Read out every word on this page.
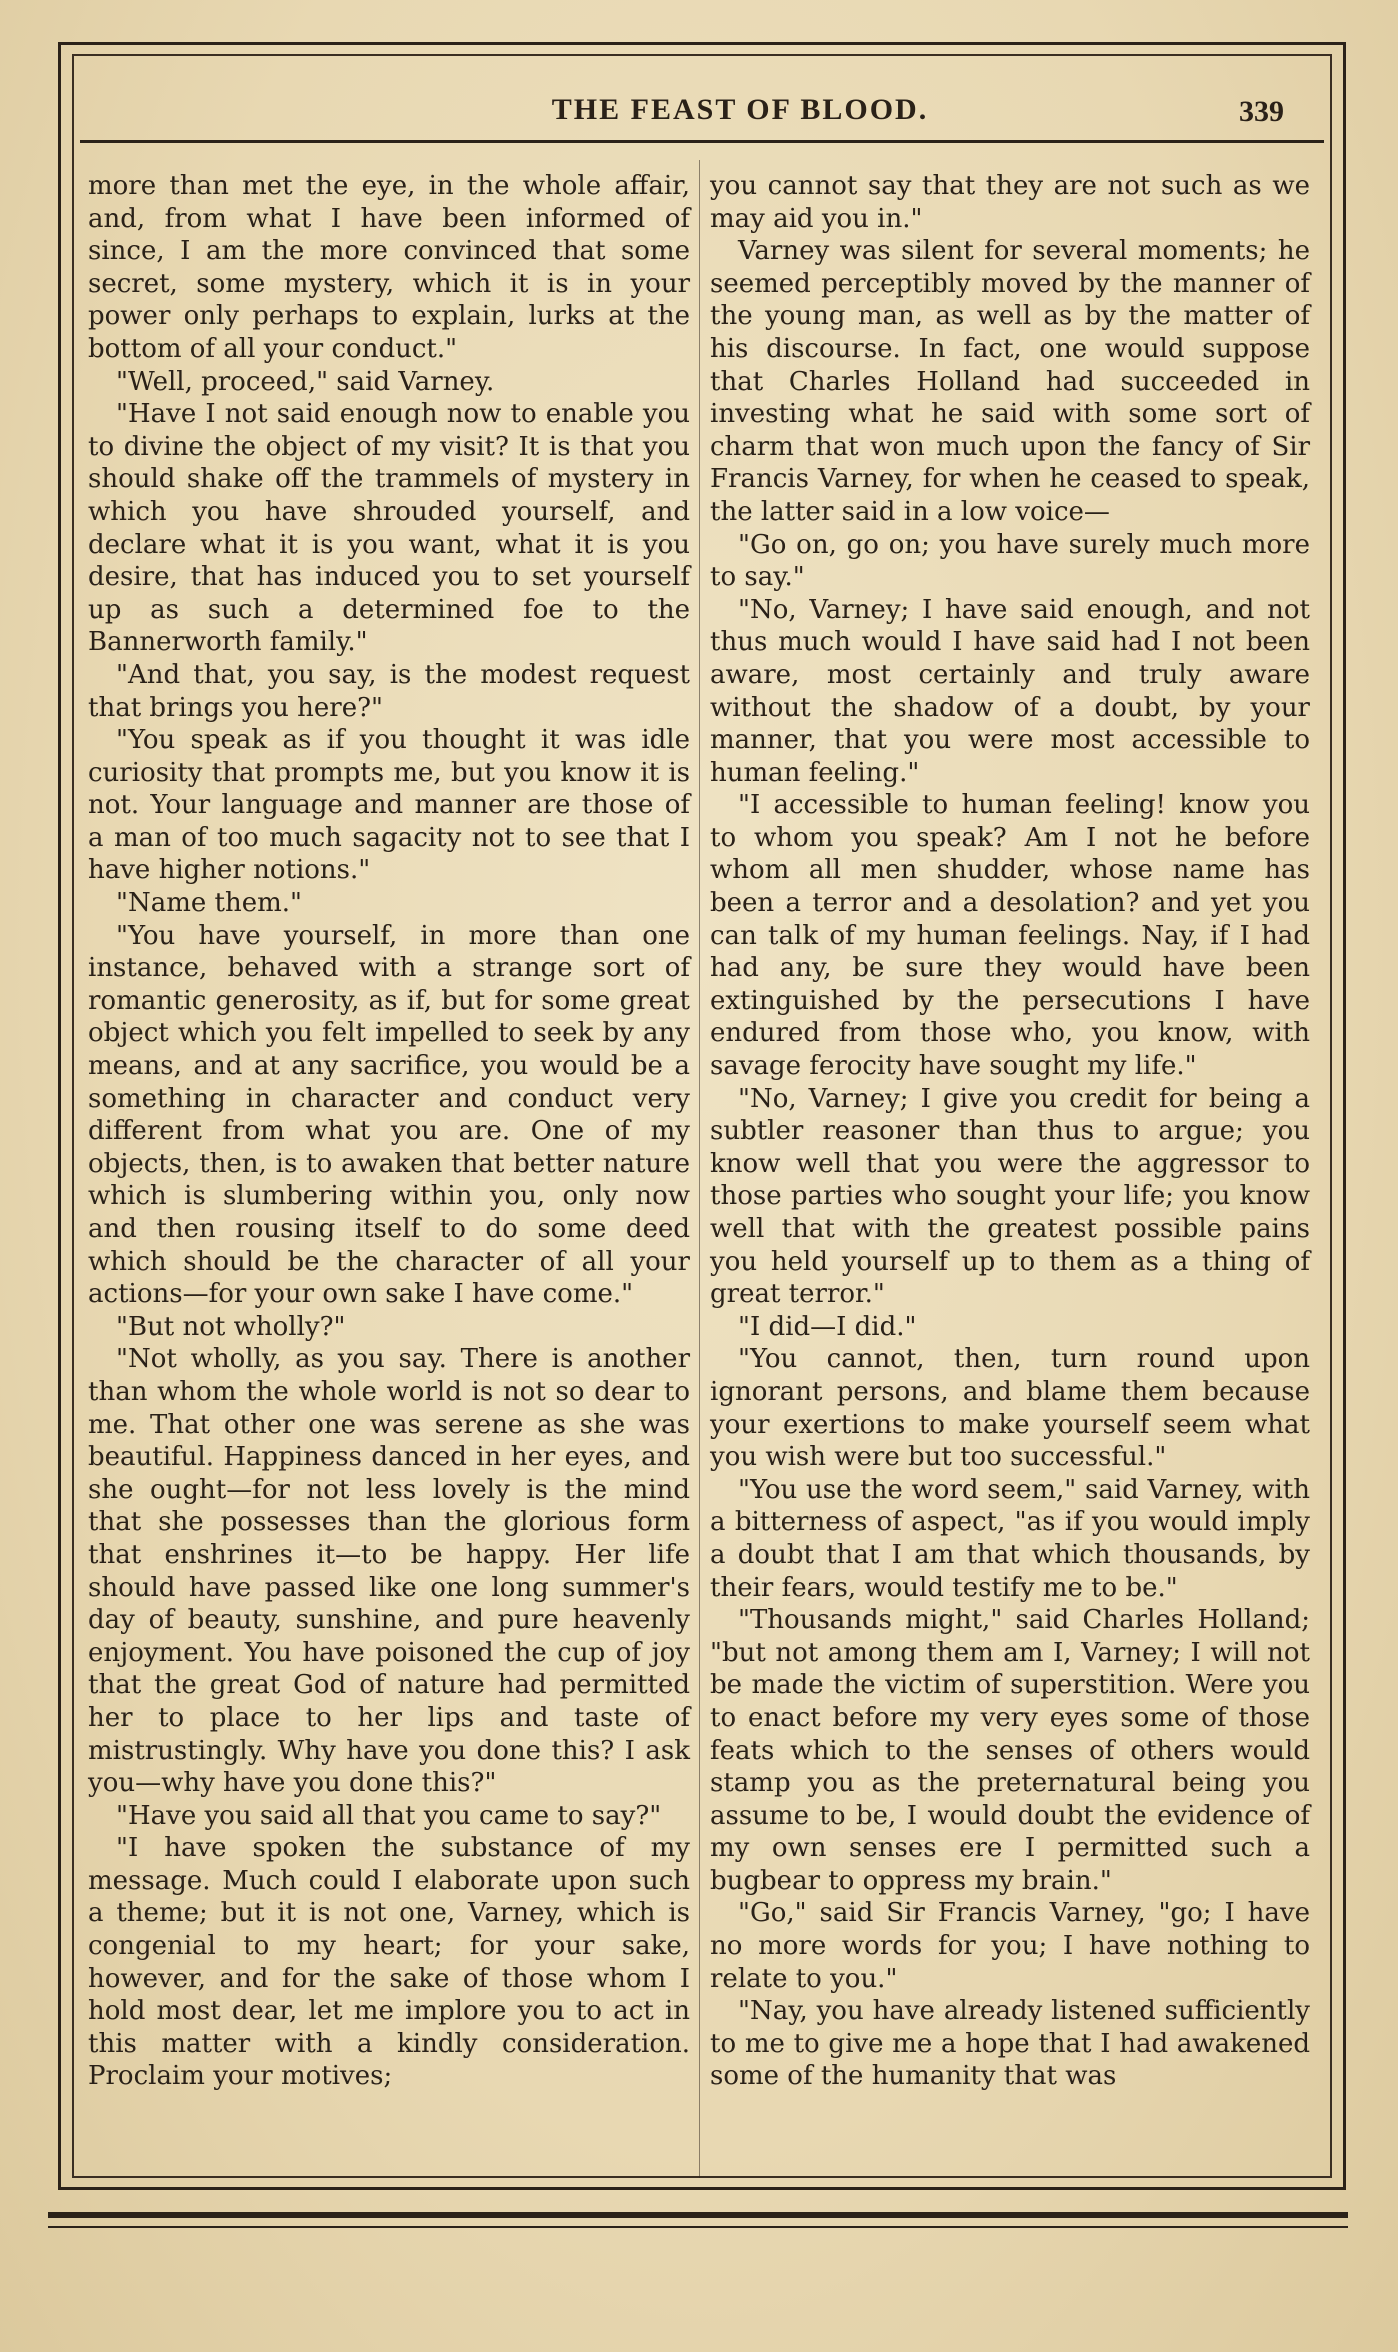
THE FEAST OF BLOOD.	339

more than met the eye, in the whole affair, and, from what I have been informed of since, I am the more convinced that some secret, some mystery, which it is in your power only perhaps to explain, lurks at the bottom of all your conduct."

"Well, proceed," said Varney.

"Have I not said enough now to enable you to divine the object of my visit? It is that you should shake off the trammels of mystery in which you have shrouded yourself, and declare what it is you want, what it is you desire, that has induced you to set yourself up as such a determined foe to the Bannerworth family."

"And that, you say, is the modest request that brings you here?"

"You speak as if you thought it was idle curiosity that prompts me, but you know it is not. Your language and manner are those of a man of too much sagacity not to see that I have higher notions."

"Name them."

"You have yourself, in more than one instance, behaved with a strange sort of romantic generosity, as if, but for some great object which you felt impelled to seek by any means, and at any sacrifice, you would be a something in character and conduct very different from what you are. One of my objects, then, is to awaken that better nature which is slumbering within you, only now and then rousing itself to do some deed which should be the character of all your actions—for your own sake I have come."

"But not wholly?"

"Not wholly, as you say. There is another than whom the whole world is not so dear to me. That other one was serene as she was beautiful. Happiness danced in her eyes, and she ought—for not less lovely is the mind that she possesses than the glorious form that enshrines it—to be happy. Her life should have passed like one long summer's day of beauty, sunshine, and pure heavenly enjoyment. You have poisoned the cup of joy that the great God of nature had permitted her to place to her lips and taste of mistrustingly. Why have you done this? I ask you—why have you done this?"

"Have you said all that you came to say?"

"I have spoken the substance of my message. Much could I elaborate upon such a theme; but it is not one, Varney, which is congenial to my heart; for your sake, however, and for the sake of those whom I hold most dear, let me implore you to act in this matter with a kindly consideration. Proclaim your motives;

you cannot say that they are not such as we may aid you in."

Varney was silent for several moments; he seemed perceptibly moved by the manner of the young man, as well as by the matter of his discourse. In fact, one would suppose that Charles Holland had succeeded in investing what he said with some sort of charm that won much upon the fancy of Sir Francis Varney, for when he ceased to speak, the latter said in a low voice—

"Go on, go on; you have surely much more to say."

"No, Varney; I have said enough, and not thus much would I have said had I not been aware, most certainly and truly aware without the shadow of a doubt, by your manner, that you were most accessible to human feeling."

"I accessible to human feeling! know you to whom you speak? Am I not he before whom all men shudder, whose name has been a terror and a desolation? and yet you can talk of my human feelings. Nay, if I had had any, be sure they would have been extinguished by the persecutions I have endured from those who, you know, with savage ferocity have sought my life."

"No, Varney; I give you credit for being a subtler reasoner than thus to argue; you know well that you were the aggressor to those parties who sought your life; you know well that with the greatest possible pains you held yourself up to them as a thing of great terror."

"I did—I did."

"You cannot, then, turn round upon ignorant persons, and blame them because your exertions to make yourself seem what you wish were but too successful."

"You use the word seem," said Varney, with a bitterness of aspect, "as if you would imply a doubt that I am that which thousands, by their fears, would testify me to be."

"Thousands might," said Charles Holland; "but not among them am I, Varney; I will not be made the victim of superstition. Were you to enact before my very eyes some of those feats which to the senses of others would stamp you as the preternatural being you assume to be, I would doubt the evidence of my own senses ere I permitted such a bugbear to oppress my brain."

"Go," said Sir Francis Varney, "go; I have no more words for you; I have nothing to relate to you."

"Nay, you have already listened sufficiently to me to give me a hope that I had awakened some of the humanity that was
